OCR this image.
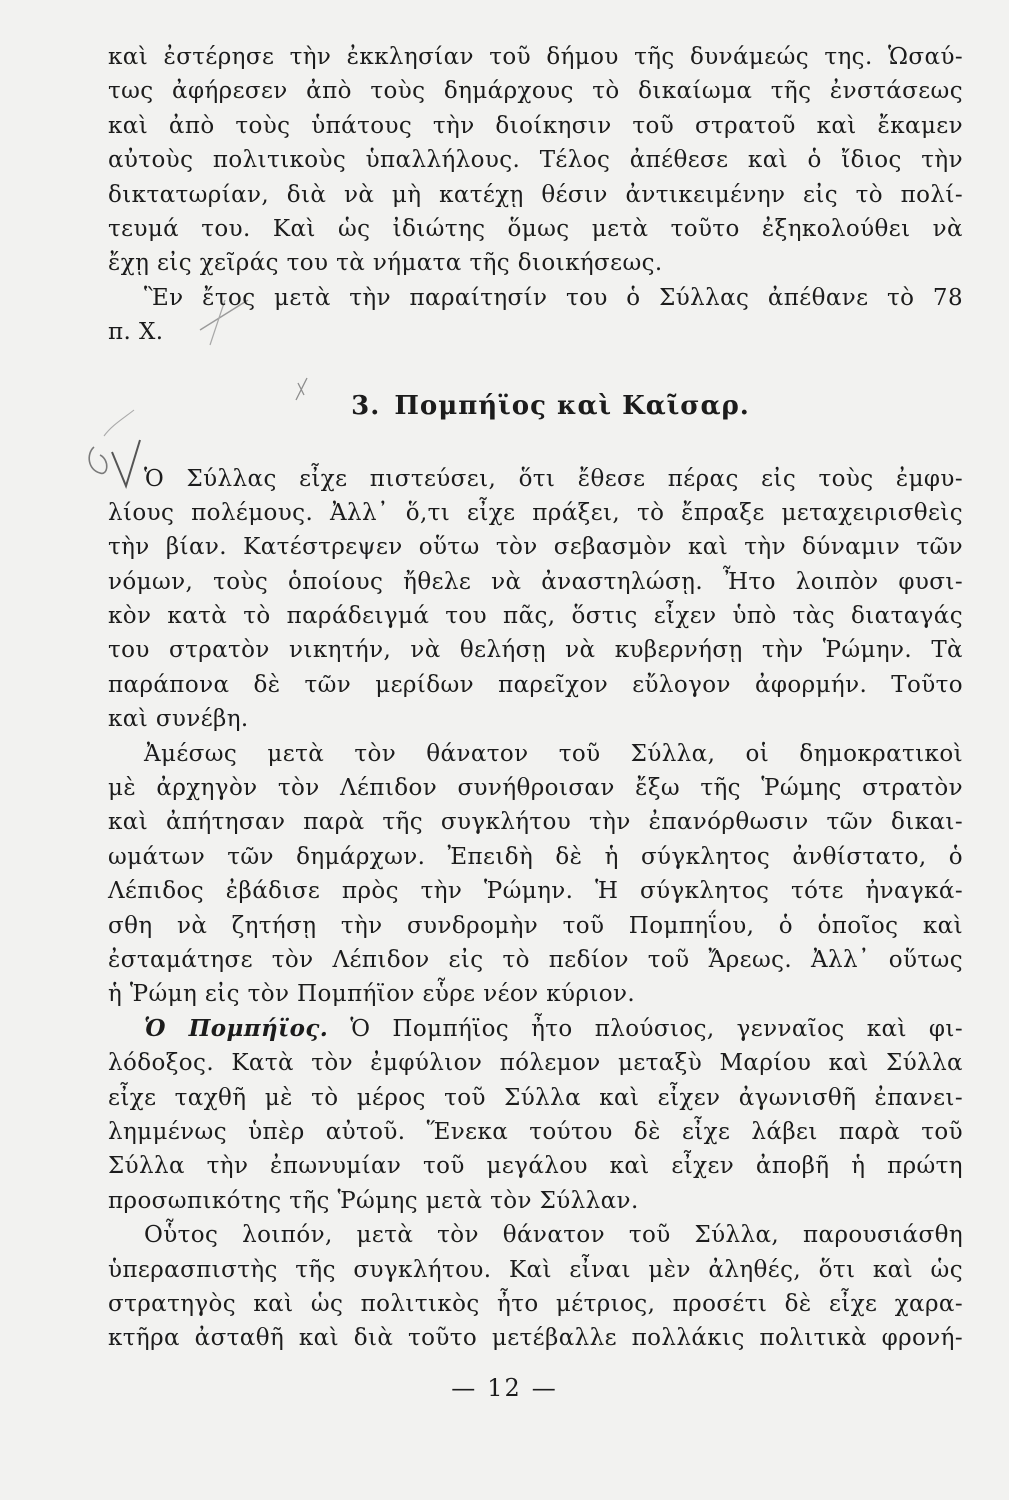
καὶ ἐστέρησε τὴν ἐκκλησίαν τοῦ δήμου τῆς δυνάμεώς της. Ὡσαύ-
τως ἀφήρεσεν ἀπὸ τοὺς δημάρχους τὸ δικαίωμα τῆς ἐνστάσεως
καὶ ἀπὸ τοὺς ὑπάτους τὴν διοίκησιν τοῦ στρατοῦ καὶ ἔκαμεν
αὐτοὺς πολιτικοὺς ὑπαλλήλους. Τέλος ἀπέθεσε καὶ ὁ ἴδιος τὴν
δικτατωρίαν, διὰ νὰ μὴ κατέχῃ θέσιν ἀντικειμένην εἰς τὸ πολί-
τευμά του. Καὶ ὡς ἰδιώτης ὅμως μετὰ τοῦτο ἐξηκολούθει νὰ
ἔχῃ εἰς χεῖράς του τὰ νήματα τῆς διοικήσεως.
Ἓν ἔτος μετὰ τὴν παραίτησίν του ὁ Σύλλας ἀπέθανε τὸ 78
π. Χ.
3. Πομπήϊος καὶ Καῖσαρ.
Ὁ Σύλλας εἶχε πιστεύσει, ὅτι ἔθεσε πέρας εἰς τοὺς ἐμφυ-
λίους πολέμους. Ἀλλ᾽ ὅ,τι εἶχε πράξει, τὸ ἔπραξε μεταχειρισθεὶς
τὴν βίαν. Κατέστρεψεν οὕτω τὸν σεβασμὸν καὶ τὴν δύναμιν τῶν
νόμων, τοὺς ὁποίους ἤθελε νὰ ἀναστηλώσῃ. Ἦτο λοιπὸν φυσι-
κὸν κατὰ τὸ παράδειγμά του πᾶς, ὅστις εἶχεν ὑπὸ τὰς διαταγάς
του στρατὸν νικητήν, νὰ θελήσῃ νὰ κυβερνήσῃ τὴν Ῥώμην. Τὰ
παράπονα δὲ τῶν μερίδων παρεῖχον εὔλογον ἀφορμήν. Τοῦτο
καὶ συνέβη.
Ἀμέσως μετὰ τὸν θάνατον τοῦ Σύλλα, οἱ δημοκρατικοὶ
μὲ ἀρχηγὸν τὸν Λέπιδον συνήθροισαν ἔξω τῆς Ῥώμης στρατὸν
καὶ ἀπήτησαν παρὰ τῆς συγκλήτου τὴν ἐπανόρθωσιν τῶν δικαι-
ωμάτων τῶν δημάρχων. Ἐπειδὴ δὲ ἡ σύγκλητος ἀνθίστατο, ὁ
Λέπιδος ἐβάδισε πρὸς τὴν Ῥώμην. Ἡ σύγκλητος τότε ἠναγκά-
σθη νὰ ζητήσῃ τὴν συνδρομὴν τοῦ Πομπηΐου, ὁ ὁποῖος καὶ
ἐσταμάτησε τὸν Λέπιδον εἰς τὸ πεδίον τοῦ Ἄρεως. Ἀλλ᾽ οὕτως
ἡ Ῥώμη εἰς τὸν Πομπήϊον εὗρε νέον κύριον.
Ὁ Πομπήϊος. Ὁ Πομπήϊος ἦτο πλούσιος, γενναῖος καὶ φι-
λόδοξος. Κατὰ τὸν ἐμφύλιον πόλεμον μεταξὺ Μαρίου καὶ Σύλλα
εἶχε ταχθῆ μὲ τὸ μέρος τοῦ Σύλλα καὶ εἶχεν ἀγωνισθῆ ἐπανει-
λημμένως ὑπὲρ αὐτοῦ. Ἕνεκα τούτου δὲ εἶχε λάβει παρὰ τοῦ
Σύλλα τὴν ἐπωνυμίαν τοῦ μεγάλου καὶ εἶχεν ἀποβῆ ἡ πρώτη
προσωπικότης τῆς Ῥώμης μετὰ τὸν Σύλλαν.
Οὗτος λοιπόν, μετὰ τὸν θάνατον τοῦ Σύλλα, παρουσιάσθη
ὑπερασπιστὴς τῆς συγκλήτου. Καὶ εἶναι μὲν ἀληθές, ὅτι καὶ ὡς
στρατηγὸς καὶ ὡς πολιτικὸς ἦτο μέτριος, προσέτι δὲ εἶχε χαρα-
κτῆρα ἀσταθῆ καὶ διὰ τοῦτο μετέβαλλε πολλάκις πολιτικὰ φρονή-
— 12 —
